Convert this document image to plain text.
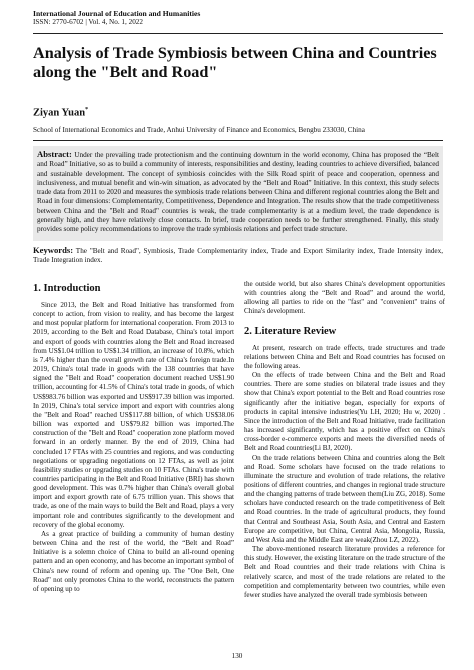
International Journal of Education and Humanities
ISSN: 2770-6702 | Vol. 4, No. 1, 2022
Analysis of Trade Symbiosis between China and Countries along the "Belt and Road"
Ziyan Yuan*
School of International Economics and Trade, Anhui University of Finance and Economics, Bengbu 233030, China
Abstract: Under the prevailing trade protectionism and the continuing downturn in the world economy, China has proposed the “Belt and Road” Initiative, so as to build a community of interests, responsibilities and destiny, leading countries to achieve diversified, balanced and sustainable development. The concept of symbiosis coincides with the Silk Road spirit of peace and cooperation, openness and inclusiveness, and mutual benefit and win-win situation, as advocated by the “Belt and Road” Initiative. In this context, this study selects trade data from 2011 to 2020 and measures the symbiosis trade relations between China and different regional countries along the Belt and Road in four dimensions: Complementarity, Competitiveness, Dependence and Integration. The results show that the trade competitiveness between China and the "Belt and Road" countries is weak, the trade complementarity is at a medium level, the trade dependence is generally high, and they have relatively close contacts. In brief, trade cooperation needs to be further strengthened. Finally, this study provides some policy recommendations to improve the trade symbiosis relations and perfect trade structure.
Keywords: The "Belt and Road", Symbiosis, Trade Complementarity index, Trade and Export Similarity index, Trade Intensity index, Trade Integration index.
1. Introduction

Since 2013, the Belt and Road Initiative has transformed from concept to action, from vision to reality, and has become the largest and most popular platform for international cooperation. From 2013 to 2019, according to the Belt and Road Database, China's total import and export of goods with countries along the Belt and Road increased from US$1.04 trillion to US$1.34 trillion, an increase of 10.8%, which is 7.4% higher than the overall growth rate of China's foreign trade.In 2019, China's total trade in goods with the 138 countries that have signed the "Belt and Road" cooperation document reached US$1.90 trillion, accounting for 41.5% of China's total trade in goods, of which US$983.76 billion was exported and US$917.39 billion was imported. In 2019, China's total service import and export with countries along the "Belt and Road" reached US$117.88 billion, of which US$38.06 billion was exported and US$79.82 billion was imported.The construction of the "Belt and Road" cooperation zone platform moved forward in an orderly manner. By the end of 2019, China had concluded 17 FTAs with 25 countries and regions, and was conducting negotiations or upgrading negotiations on 12 FTAs, as well as joint feasibility studies or upgrading studies on 10 FTAs. China's trade with countries participating in the Belt and Road Initiative (BRI) has shown good development. This was 0.7% higher than China's overall global import and export growth rate of 6.75 trillion yuan. This shows that trade, as one of the main ways to build the Belt and Road, plays a very important role and contributes significantly to the development and recovery of the global economy.

As a great practice of building a community of human destiny between China and the rest of the world, the “Belt and Road” Initiative is a solemn choice of China to build an all-round opening pattern and an open economy, and has become an important symbol of China's new round of reform and opening up. The "One Belt, One Road" not only promotes China to the world, reconstructs the pattern of opening up to

the outside world, but also shares China's development opportunities with countries along the “Belt and Road” and around the world, allowing all parties to ride on the "fast" and "convenient" trains of China's development.

2. Literature Review

At present, research on trade effects, trade structures and trade relations between China and Belt and Road countries has focused on the following areas.

On the effects of trade between China and the Belt and Road countries. There are some studies on bilateral trade issues and they show that China's export potential to the Belt and Road countries rose significantly after the initiative began, especially for exports of products in capital intensive industries(Yu LH, 2020; Hu w, 2020) . Since the introduction of the Belt and Road Initiative, trade facilitation has increased significantly, which has a positive effect on China's cross-border e-commerce exports and meets the diversified needs of Belt and Road countries(Li BJ, 2020).

On the trade relations between China and countries along the Belt and Road. Some scholars have focused on the trade relations to illuminate the structure and evolution of trade relations, the relative positions of different countries, and changes in regional trade structure and the changing patterns of trade between them(Liu ZG, 2018). Some scholars have conducted research on the trade competitiveness of Belt and Road countries. In the trade of agricultural products, they found that Central and Southeast Asia, South Asia, and Central and Eastern Europe are competitive, but China, Central Asia, Mongolia, Russia, and West Asia and the Middle East are weak(Zhou LZ, 2022).

The above-mentioned research literature provides a reference for this study. However, the existing literature on the trade structure of the Belt and Road countries and their trade relations with China is relatively scarce, and most of the trade relations are related to the competition and complementarity between two countries, while even fewer studies have analyzed the overall trade symbiosis between

130
